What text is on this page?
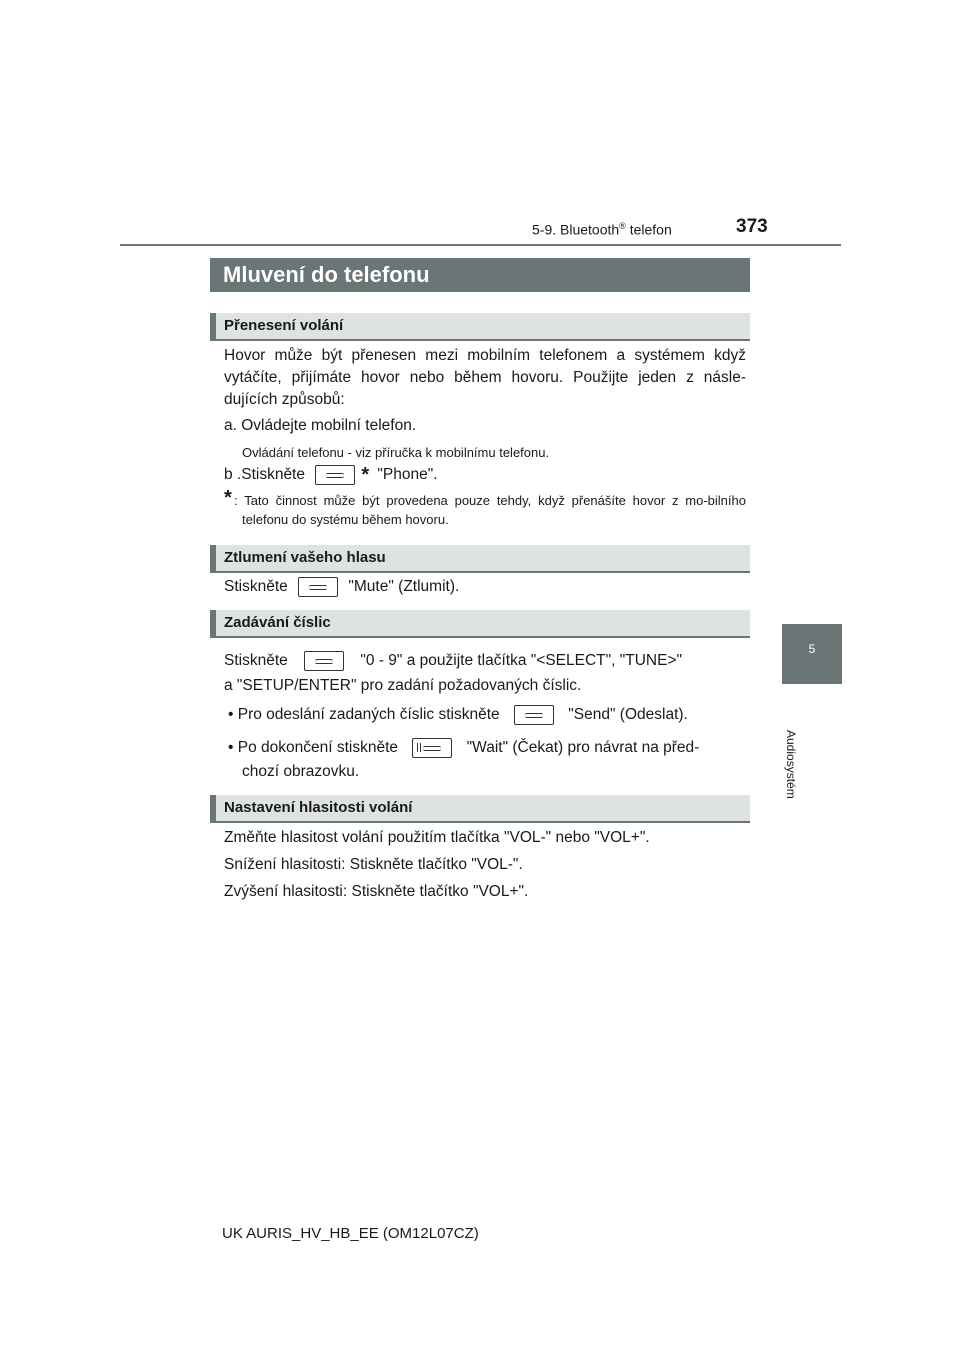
5-9. Bluetooth® telefon	373
5
Audiosystém
Mluvení do telefonu
Přenesení volání
Hovor může být přenesen mezi mobilním telefonem a systémem když vytáčíte, přijímáte hovor nebo během hovoru. Použijte jeden z násle-dujících způsobů:
a. Ovládejte mobilní telefon.
Ovládání telefonu - viz příručka k mobilnímu telefonu.
b .Stiskněte	* "Phone".
* : Tato činnost může být provedena pouze tehdy, když přenášíte hovor z mo-bilního telefonu do systému během hovoru.
Ztlumení vašeho hlasu
Stiskněte	"Mute" (Ztlumit).
Zadávání číslic
Stiskněte	"0 - 9" a použijte tlačítka "<SELECT", "TUNE>"
a "SETUP/ENTER" pro zadání požadovaných číslic.
• Pro odeslání zadaných číslic stiskněte	"Send" (Odeslat).
• Po dokončení stiskněte	"Wait" (Čekat) pro návrat na před-
chozí obrazovku.
Nastavení hlasitosti volání
Změňte hlasitost volání použitím tlačítka "VOL-" nebo "VOL+".
Snížení hlasitosti: Stiskněte tlačítko "VOL-".
Zvýšení hlasitosti: Stiskněte tlačítko "VOL+".
UK AURIS_HV_HB_EE (OM12L07CZ)
